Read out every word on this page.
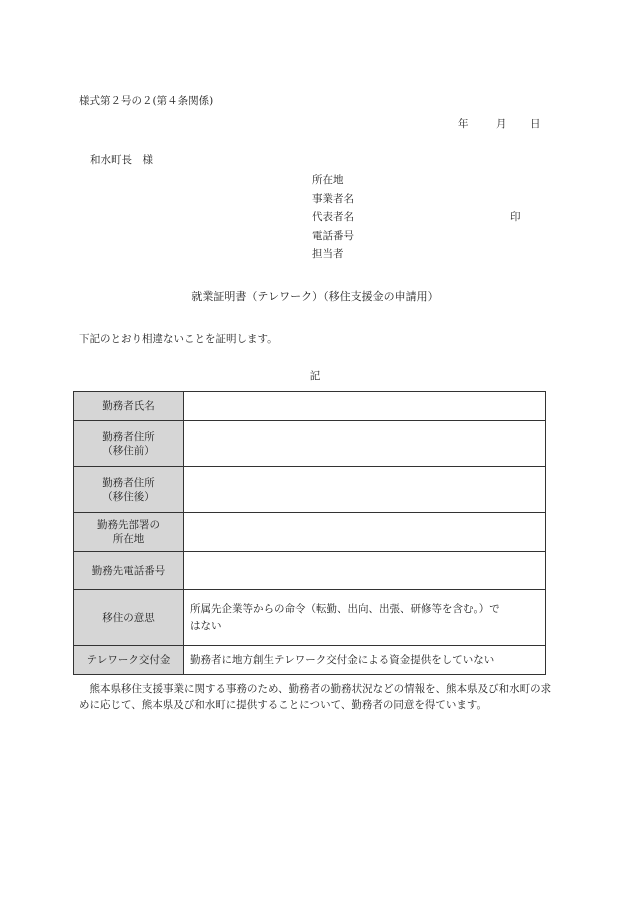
様式第２号の２(第４条関係)
年	月 日
和水町長　様
所在地
事業者名
代表者名	印
電話番号
担当者
就業証明書（テレワーク）（移住支援金の申請用）
下記のとおり相違ないことを証明します。
記
勤務者氏名	

勤務者住所
（移住前）	

勤務者住所
（移住後）	

勤務先部署の
所在地	

勤務先電話番号	
移住の意思	所属先企業等からの命令（転勤、出向、出張、研修等を含む。）で
はない

テレワーク交付金	勤務者に地方創生テレワーク交付金による資金提供をしていない
熊本県移住支援事業に関する事務のため、勤務者の勤務状況などの情報を、熊本県及び和水町の求めに応じて、熊本県及び和水町に提供することについて、勤務者の同意を得ています。
